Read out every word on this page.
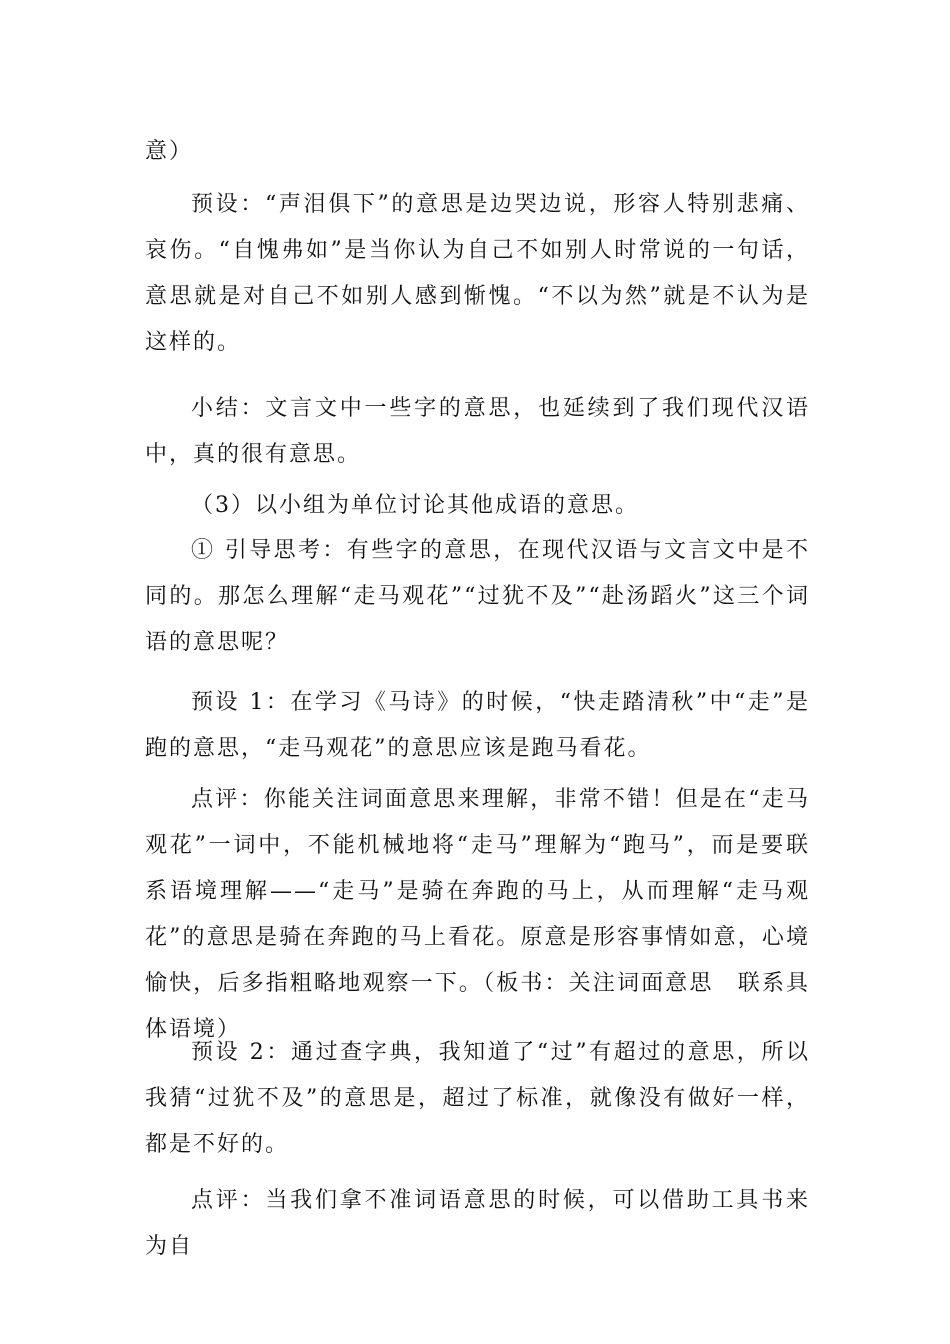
意）

预设：“声泪俱下”的意思是边哭边说，形容人特别悲痛、哀伤。“自愧弗如”是当你认为自己不如别人时常说的一句话，意思就是对自己不如别人感到惭愧。“不以为然”就是不认为是这样的。

小结：文言文中一些字的意思，也延续到了我们现代汉语中，真的很有意思。

（3）以小组为单位讨论其他成语的意思。

① 引导思考：有些字的意思，在现代汉语与文言文中是不同的。那怎么理解“走马观花”“过犹不及”“赴汤蹈火”这三个词语的意思呢？

预设 1：在学习《马诗》的时候，“快走踏清秋”中“走”是跑的意思，“走马观花”的意思应该是跑马看花。

点评：你能关注词面意思来理解，非常不错！但是在“走马观花”一词中，不能机械地将“走马”理解为“跑马”，而是要联系语境理解——“走马”是骑在奔跑的马上，从而理解“走马观花”的意思是骑在奔跑的马上看花。原意是形容事情如意，心境愉快，后多指粗略地观察一下。（板书：关注词面意思　联系具体语境）

预设 2：通过查字典，我知道了“过”有超过的意思，所以我猜“过犹不及”的意思是，超过了标准，就像没有做好一样，都是不好的。

点评：当我们拿不准词语意思的时候，可以借助工具书来为自
